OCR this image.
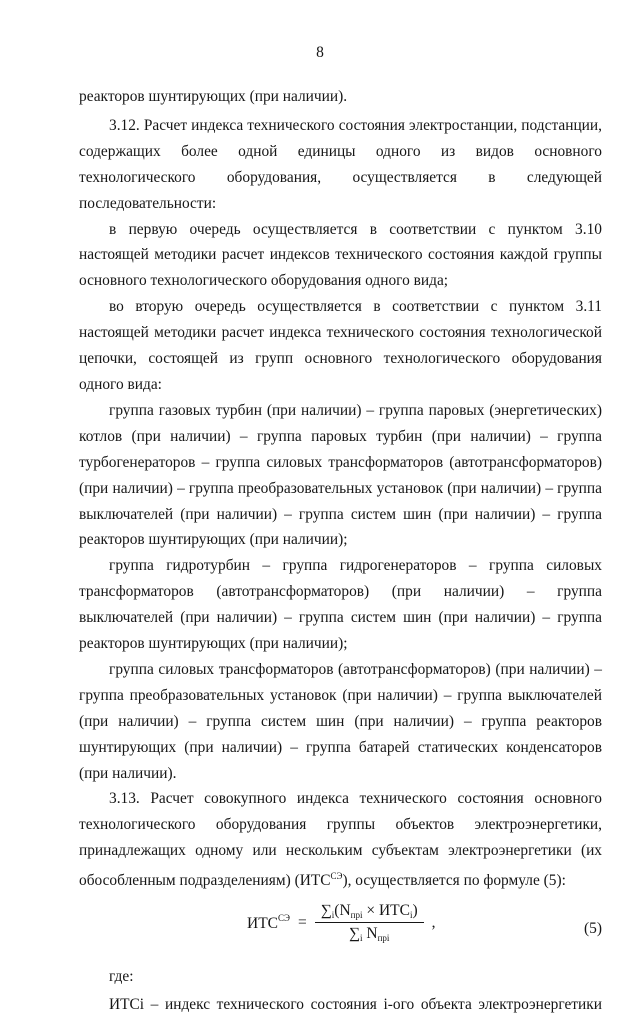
8

реакторов шунтирующих (при наличии).

3.12. Расчет индекса технического состояния электростанции, подстанции, содержащих более одной единицы одного из видов основного технологического оборудования, осуществляется в следующей последовательности:

в первую очередь осуществляется в соответствии с пунктом 3.10 настоящей методики расчет индексов технического состояния каждой группы основного технологического оборудования одного вида;

во вторую очередь осуществляется в соответствии с пунктом 3.11 настоящей методики расчет индекса технического состояния технологической цепочки, состоящей из групп основного технологического оборудования одного вида:

группа газовых турбин (при наличии) – группа паровых (энергетических) котлов (при наличии) – группа паровых турбин (при наличии) – группа турбогенераторов – группа силовых трансформаторов (автотрансформаторов) (при наличии) – группа преобразовательных установок (при наличии) – группа выключателей (при наличии) – группа систем шин (при наличии) – группа реакторов шунтирующих (при наличии);

группа гидротурбин – группа гидрогенераторов – группа силовых трансформаторов (автотрансформаторов) (при наличии) – группа выключателей (при наличии) – группа систем шин (при наличии) – группа реакторов шунтирующих (при наличии);

группа силовых трансформаторов (автотрансформаторов) (при наличии) – группа преобразовательных установок (при наличии) – группа выключателей (при наличии) – группа систем шин (при наличии) – группа реакторов шунтирующих (при наличии) – группа батарей статических конденсаторов (при наличии).

3.13. Расчет совокупного индекса технического состояния основного технологического оборудования группы объектов электроэнергетики, принадлежащих одному или нескольким субъектам электроэнергетики (их обособленным подразделениям) $(ИТС^{СЭ})$, осуществляется по формуле (5):

$ИТС^{СЭ} = \frac{\sum_i(N_{прi} \times ИТС_i)}{\sum_i N_{прi}}$ ,	(5)

где:

ИТСi – индекс технического состояния i-ого объекта электроэнергетики
